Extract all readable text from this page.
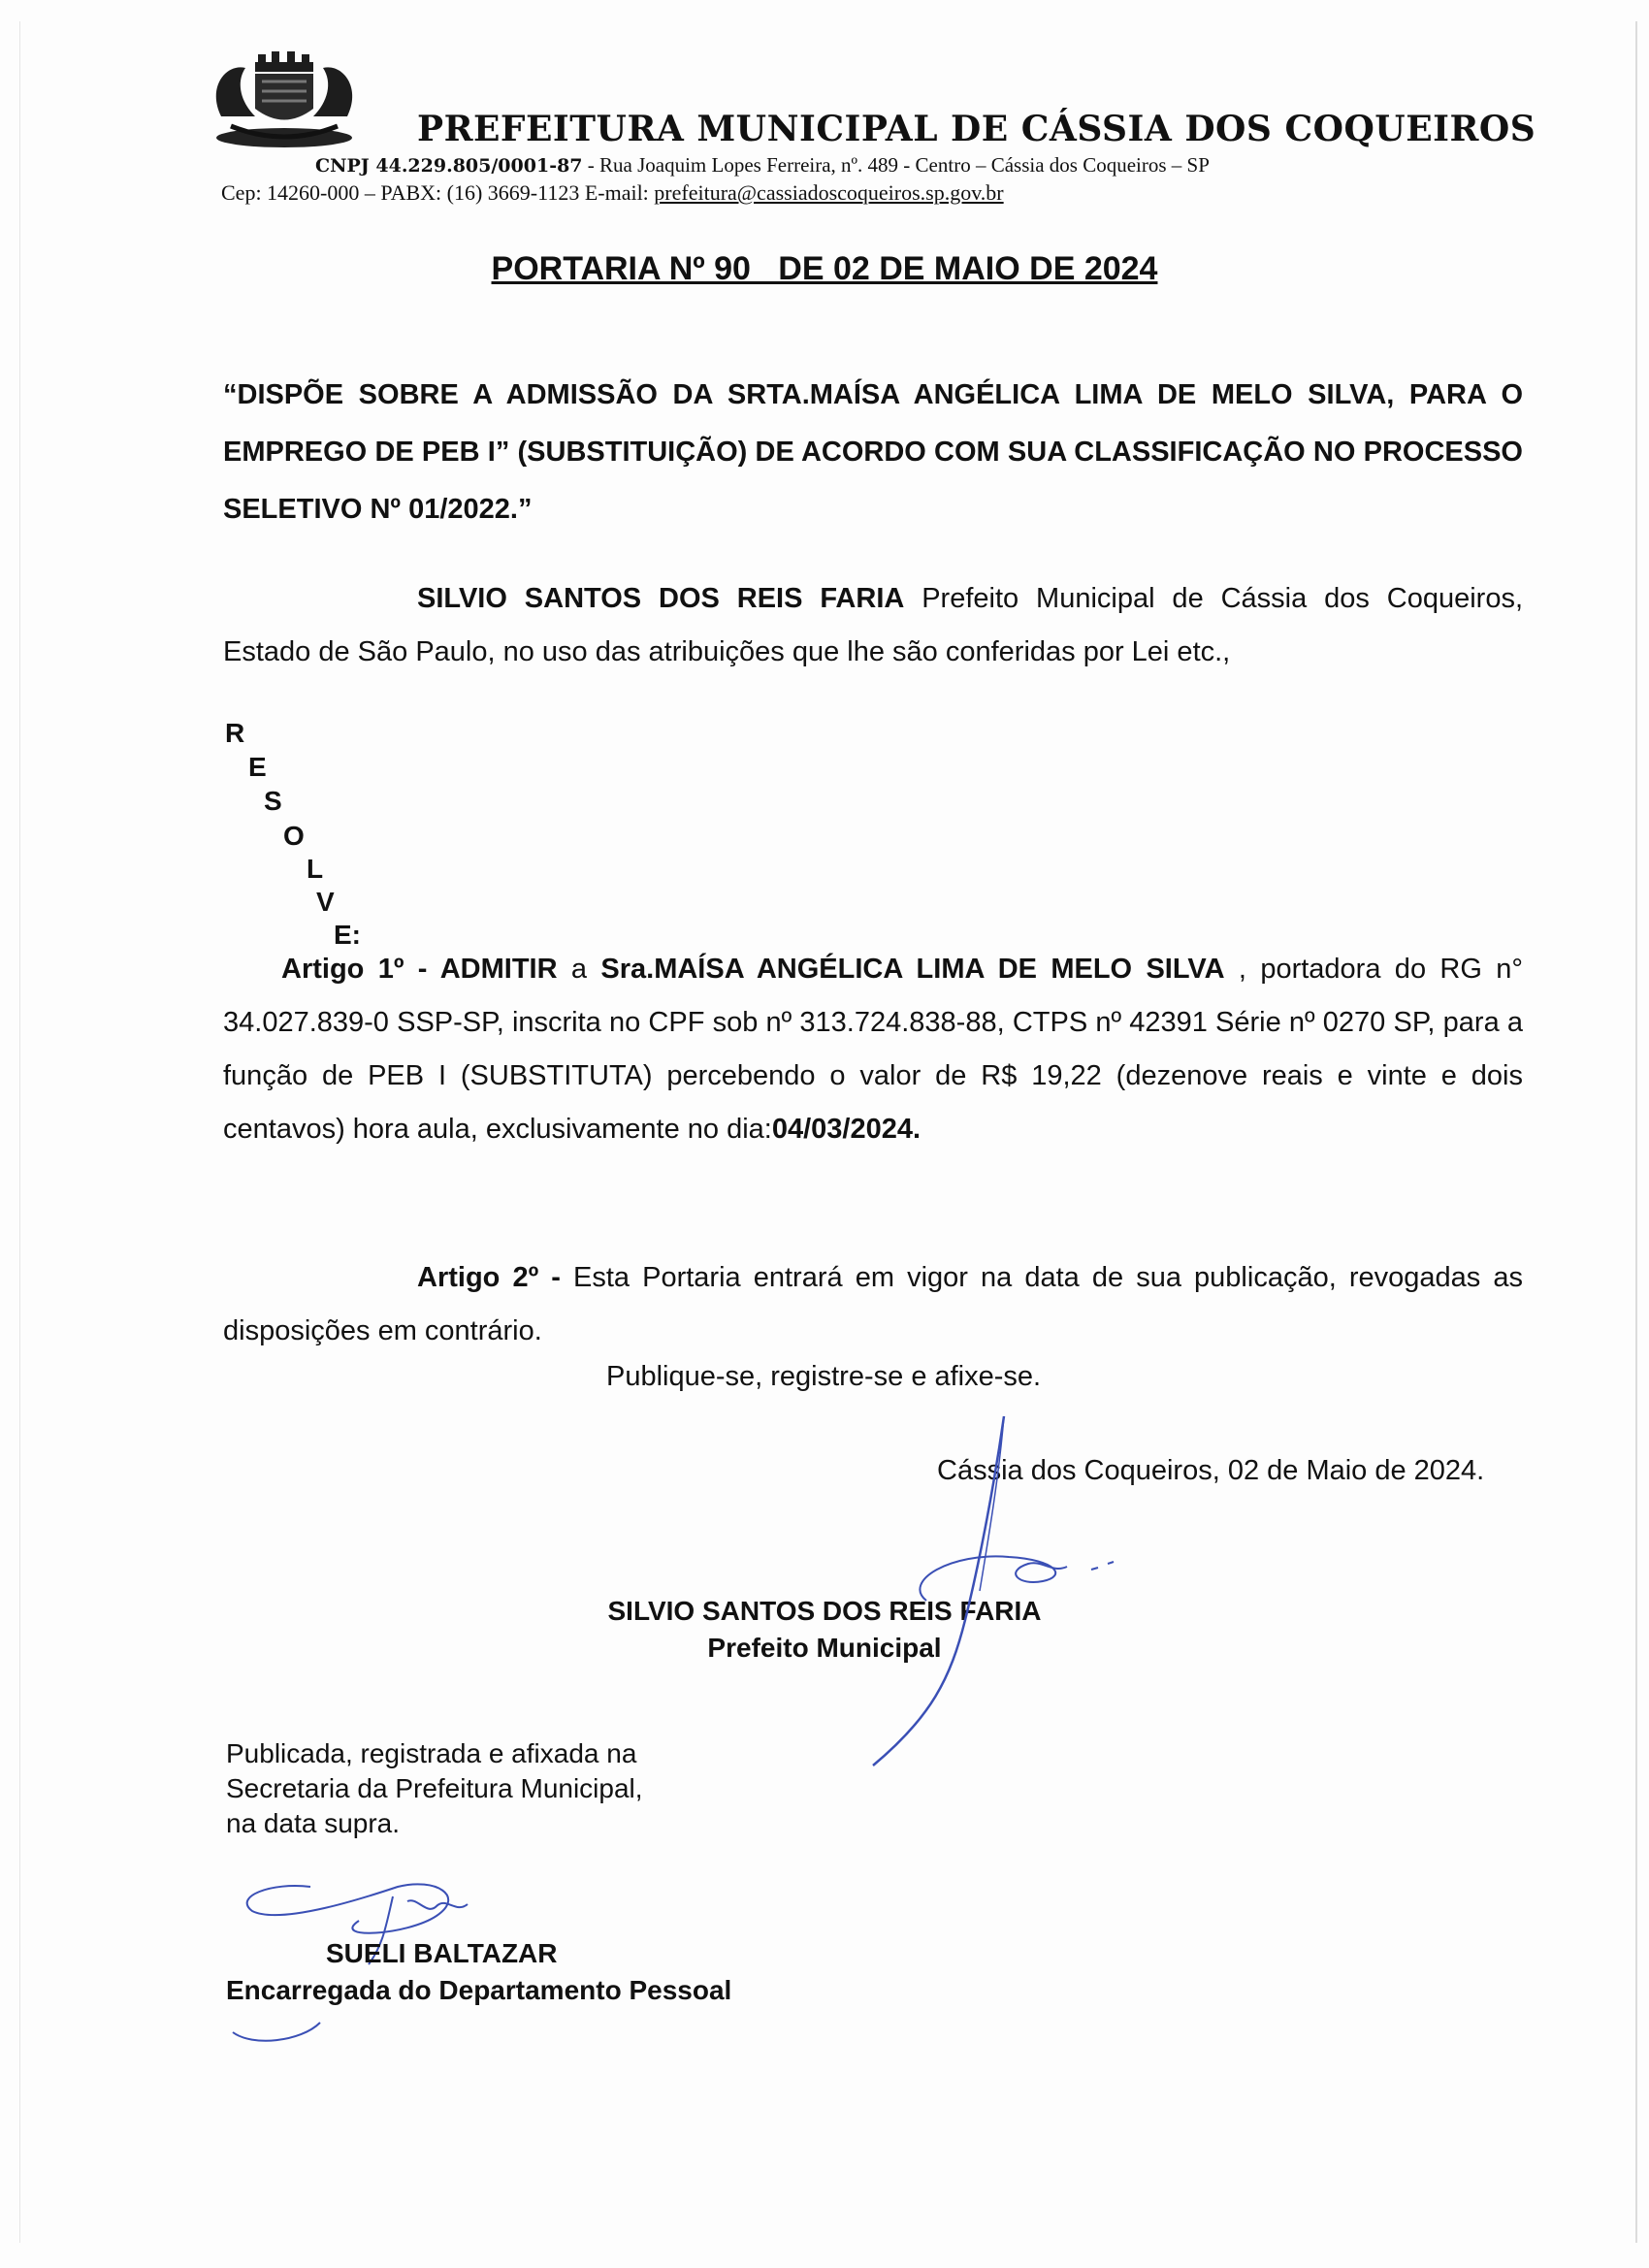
PREFEITURA MUNICIPAL DE CÁSSIA DOS COQUEIROS
CNPJ 44.229.805/0001-87 - Rua Joaquim Lopes Ferreira, nº. 489 - Centro – Cássia dos Coqueiros – SP
Cep: 14260-000 – PABX: (16) 3669-1123 E-mail: prefeitura@cassiadoscoqueiros.sp.gov.br
PORTARIA Nº 90   DE 02 DE MAIO DE 2024
“DISPÕE SOBRE A ADMISSÃO DA SRTA.MAÍSA ANGÉLICA LIMA DE MELO SILVA, PARA O EMPREGO DE PEB I” (SUBSTITUIÇÃO) DE ACORDO COM SUA CLASSIFICAÇÃO NO PROCESSO SELETIVO Nº 01/2022.”
SILVIO SANTOS DOS REIS FARIA Prefeito Municipal de Cássia dos Coqueiros, Estado de São Paulo, no uso das atribuições que lhe são conferidas por Lei etc.,
R
E
S
O
L
V
E:
Artigo 1º - ADMITIR a Sra.MAÍSA ANGÉLICA LIMA DE MELO SILVA , portadora do RG n° 34.027.839-0 SSP-SP, inscrita no CPF sob nº 313.724.838-88, CTPS nº 42391 Série nº 0270 SP, para a função de PEB I (SUBSTITUTA) percebendo o valor de R$ 19,22 (dezenove reais e vinte e dois centavos) hora aula, exclusivamente no dia:04/03/2024.
Artigo 2º - Esta Portaria entrará em vigor na data de sua publicação, revogadas as disposições em contrário.
Publique-se, registre-se e afixe-se.
Cássia dos Coqueiros, 02 de Maio de 2024.
SILVIO SANTOS DOS REIS FARIA
Prefeito Municipal
Publicada, registrada e afixada na
Secretaria da Prefeitura Municipal,
na data supra.
SUELI BALTAZAR
Encarregada do Departamento Pessoal
